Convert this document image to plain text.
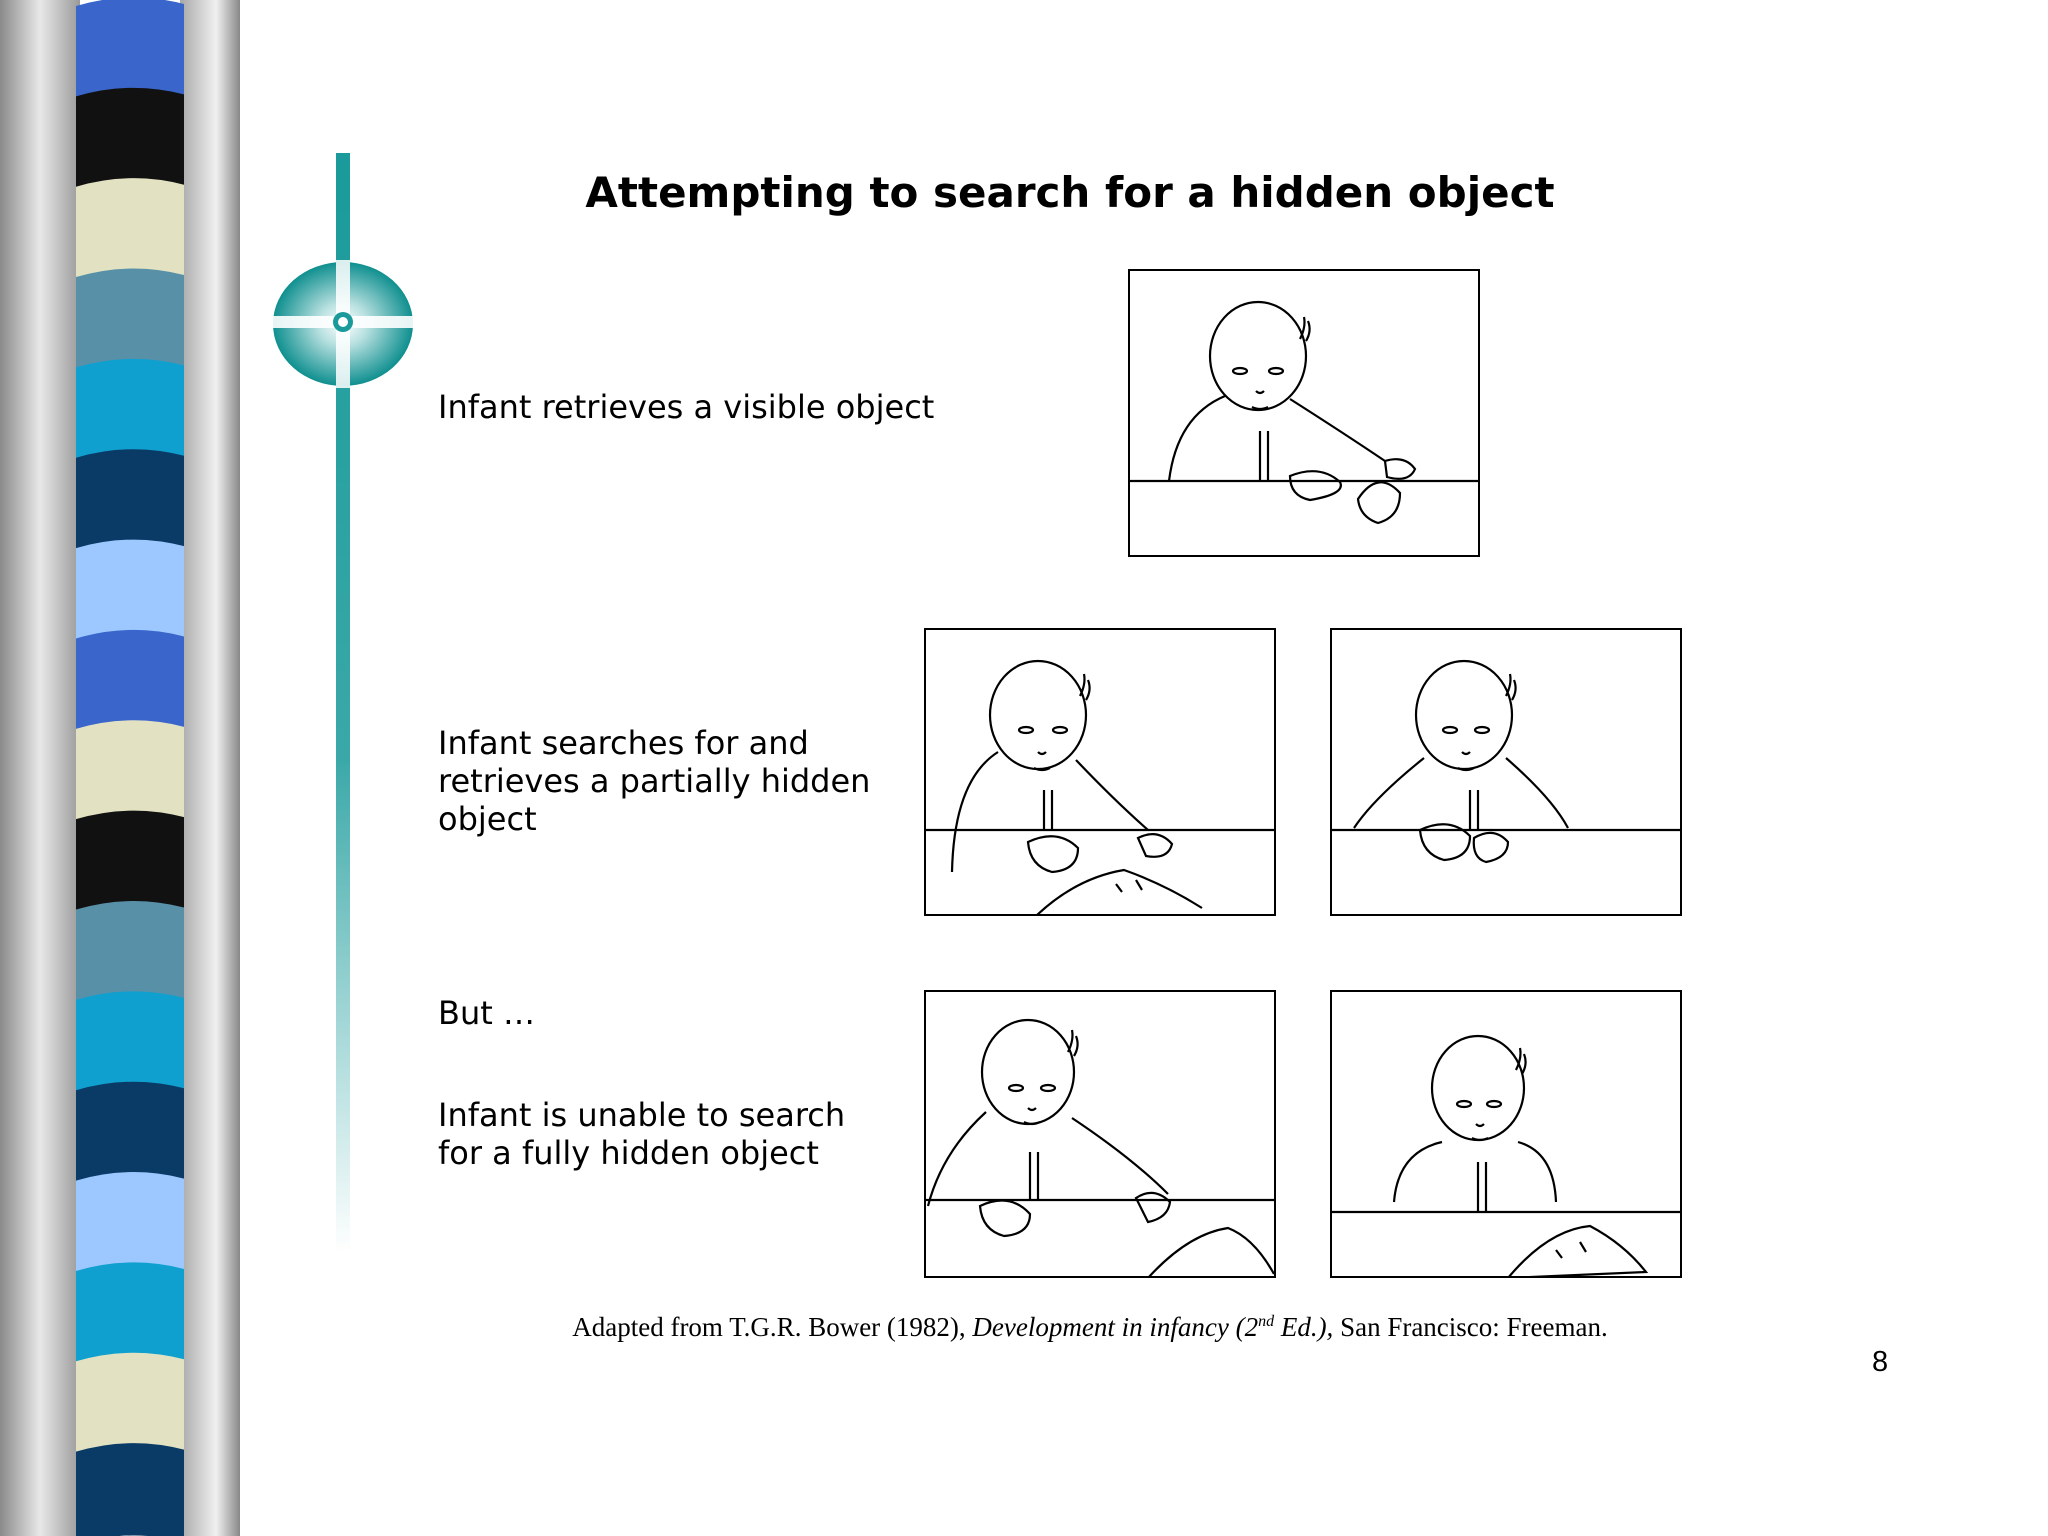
Attempting to search for a hidden object
Infant retrieves a visible object
Infant searches for and
retrieves a partially hidden
object
But …
Infant is unable to search
for a fully hidden object
Adapted from T.G.R. Bower (1982), Development in infancy (2nd Ed.), San Francisco: Freeman.
8
